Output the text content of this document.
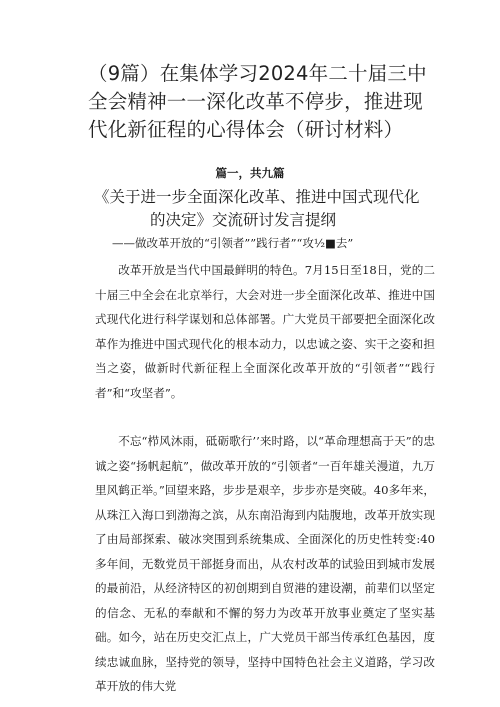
（9篇）在集体学习2024年二十届三中全会精神一一深化改革不停步，推进现代化新征程的心得体会（研讨材料）
篇一，共九篇
《关于进一步全面深化改革、推进中国式现代化
的决定》交流研讨发言提纲
——做改革开放的“引领者””践行者”“攻½■去”

改革开放是当代中国最鲜明的特色。7月15日至18日，党的二十届三中全会在北京举行，大会对进一步全面深化改革、推进中国式现代化进行科学谋划和总体部署。广大党员干部要把全面深化改革作为推进中国式现代化的根本动力，以忠诚之姿、实干之姿和担当之姿，做新时代新征程上全面深化改革开放的“引领者”“践行者”和“攻坚者”。

不忘“栉风沐雨，砥砺歌行’’来时路，以“革命理想高于天”的忠诚之姿“扬帆起航”，做改革开放的“引领者“一百年雄关漫道，九万里风鹤正举。”回望来路，步步是艰辛，步步亦是突破。40多年来，从珠江入海口到渤海之滨，从东南沿海到内陆腹地，改革开放实现了由局部探索、破冰突围到系统集成、全面深化的历史性转变:40多年间，无数党员干部挺身而出，从农村改革的试验田到城市发展的最前沿，从经济特区的初创期到自贸港的建设潮，前辈们以坚定的信念、无私的奉献和不懈的努力为改革开放事业奠定了坚实基础。如今，站在历史交汇点上，广大党员干部当传承红色基因，度续忠诚血脉，坚持党的领导，坚持中国特色社会主义道路，学习改革开放的伟大党
